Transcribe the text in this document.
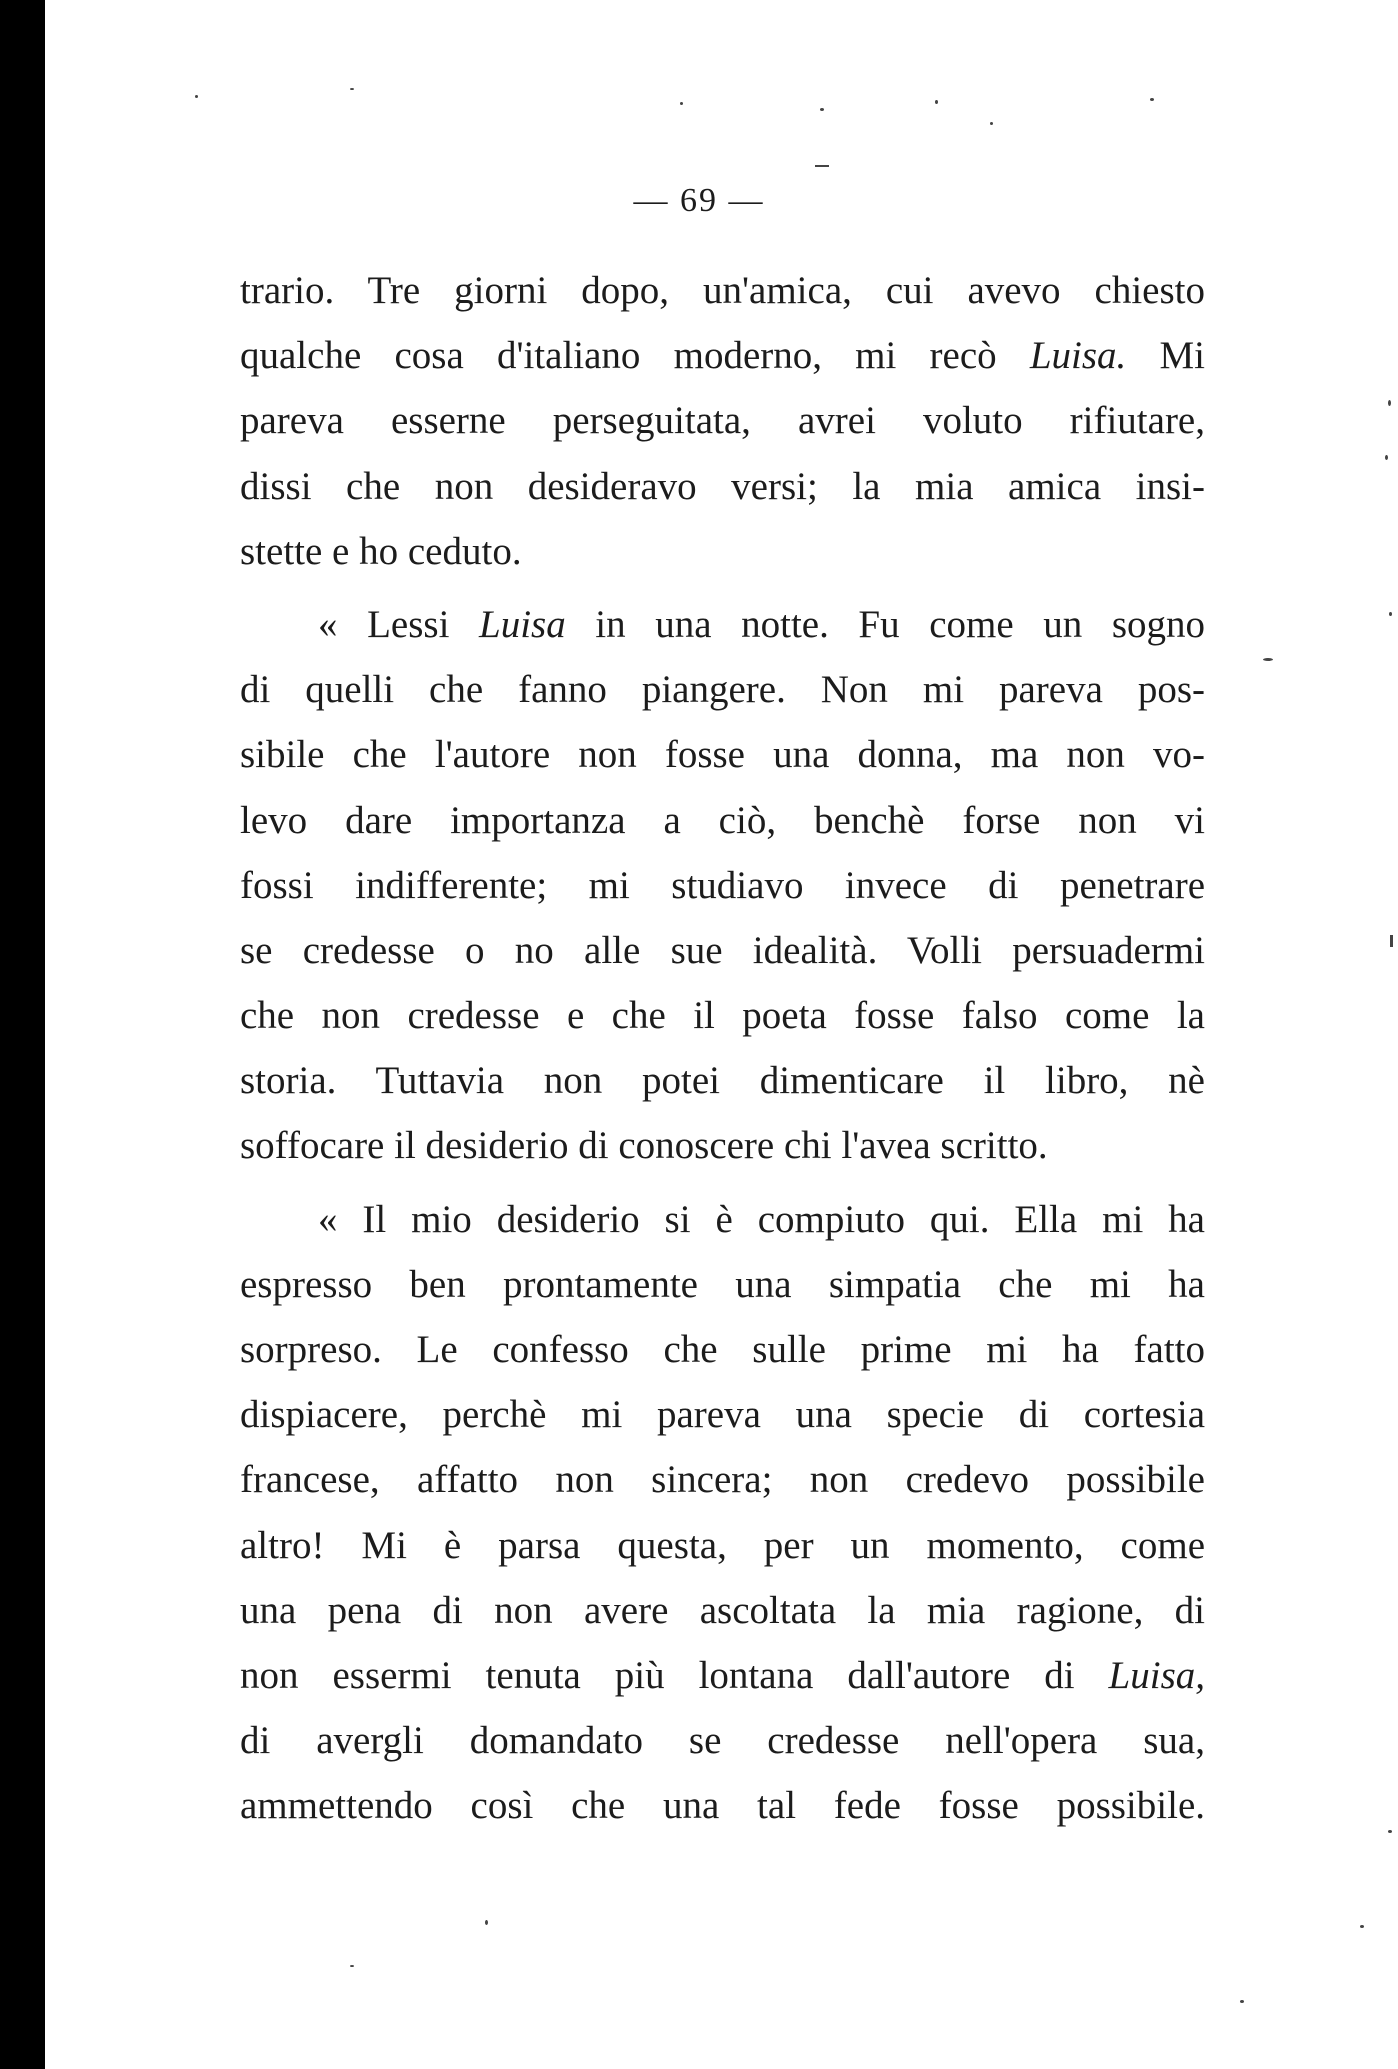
— 69 —
trario. Tre giorni dopo, un'amica, cui avevo chiesto
qualche cosa d'italiano moderno, mi recò Luisa. Mi
pareva esserne perseguitata, avrei voluto rifiutare,
dissi che non desideravo versi; la mia amica insi-
stette e ho ceduto.
« Lessi Luisa in una notte. Fu come un sogno
di quelli che fanno piangere. Non mi pareva pos-
sibile che l'autore non fosse una donna, ma non vo-
levo dare importanza a ciò, benchè forse non vi
fossi indifferente; mi studiavo invece di penetrare
se credesse o no alle sue idealità. Volli persuadermi
che non credesse e che il poeta fosse falso come la
storia. Tuttavia non potei dimenticare il libro, nè
soffocare il desiderio di conoscere chi l'avea scritto.
« Il mio desiderio si è compiuto qui. Ella mi ha
espresso ben prontamente una simpatia che mi ha
sorpreso. Le confesso che sulle prime mi ha fatto
dispiacere, perchè mi pareva una specie di cortesia
francese, affatto non sincera; non credevo possibile
altro! Mi è parsa questa, per un momento, come
una pena di non avere ascoltata la mia ragione, di
non essermi tenuta più lontana dall'autore di Luisa,
di avergli domandato se credesse nell'opera sua,
ammettendo così che una tal fede fosse possibile.
